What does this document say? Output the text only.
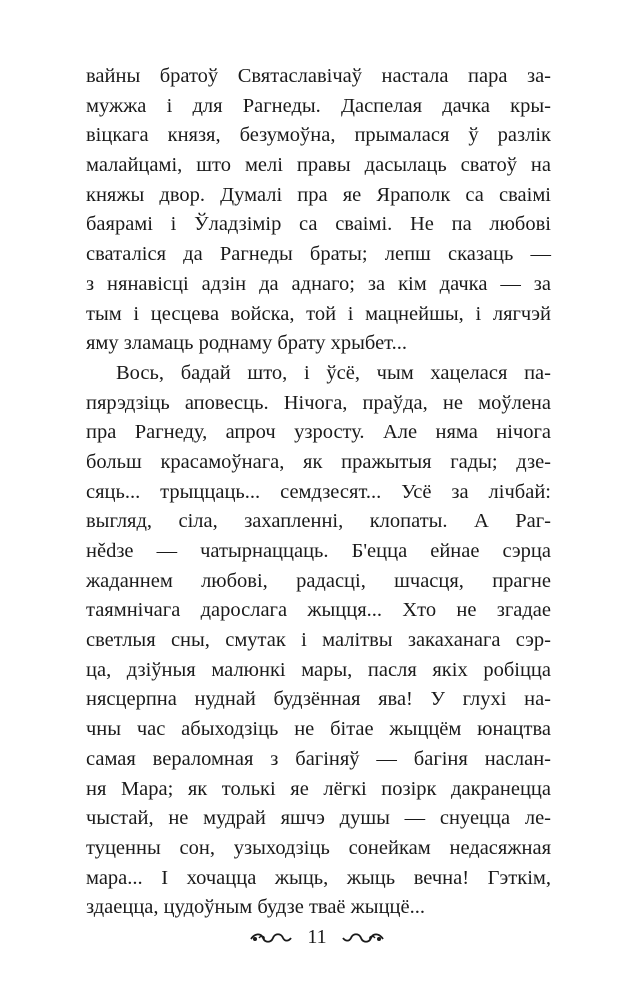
вайны братоў Святаславічаў настала пара за-
мужжа і для Рагнеды. Даспелая дачка кры-
віцкага князя, безумоўна, прымалася ў разлік
малайцамі, што мелі правы дасылаць сватоў на
княжы двор. Думалі пра яе Яраполк са сваімі
баярамі і Ўладзімір са сваімі. Не па любові
сваталіся да Рагнеды браты; лепш сказаць —
з нянавісці адзін да аднаго; за кім дачка — за
тым і цесцева войска, той і мацнейшы, і лягчэй
яму зламаць роднаму брату хрыбет...
Вось, бадай што, і ўсё, чым хацелася па-
пярэдзіць аповесць. Нічога, праўда, не моўлена
пра Рагнеду, апроч узросту. Але няма нічога
больш красамоўнага, як пражытыя гады; дзе-
сяць... трыццаць... семдзесят... Усё за лічбай:
выгляд, сіла, захапленні, клопаты. А Раг-
нědзе — чатырнаццаць. Б'ецца ейнае сэрца
жаданнем любові, радасці, шчасця, прагне
таямнічага дарослага жыцця... Хто не згадае
светлыя сны, смутак і малітвы закаханага сэр-
ца, дзіўныя малюнкі мары, пасля якіх робіцца
нясцерпна нуднай будзённая ява! У глухі на-
чны час абыходзіць не бітае жыццём юнацтва
самая вераломная з багіняў — багіня наслан-
ня Мара; як толькі яе лёгкі позірк дакранецца
чыстай, не мудрай яшчэ душы — снуецца ле-
туценны сон, узыходзіць сонейкам недасяжная
мара... І хочацца жыць, жыць вечна! Гэткім,
здаецца, цудоўным будзе тваё жыццё...
11
